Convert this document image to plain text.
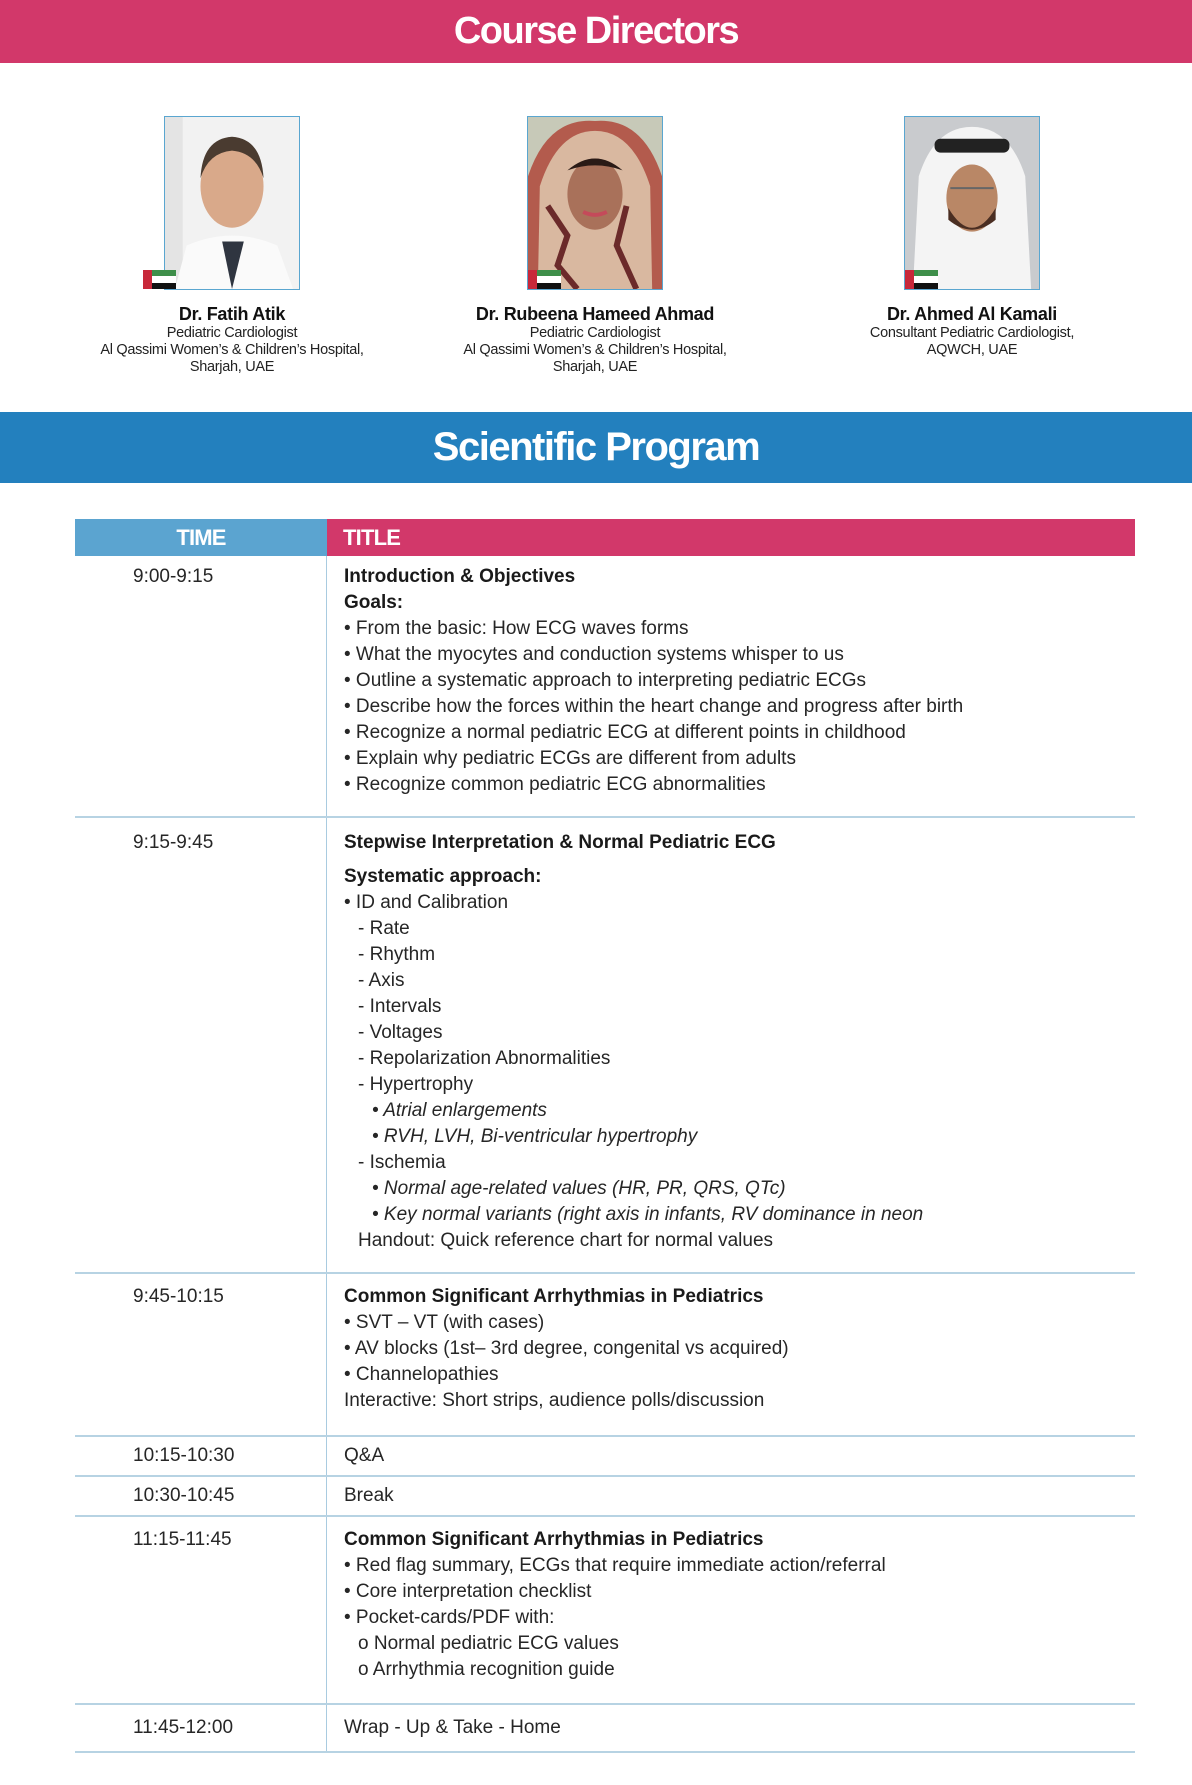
Course Directors
Dr. Fatih Atik
Pediatric Cardiologist
Al Qassimi Women’s & Children’s Hospital,
Sharjah, UAE
Dr. Rubeena Hameed Ahmad
Pediatric Cardiologist
Al Qassimi Women’s & Children’s Hospital,
Sharjah, UAE
Dr. Ahmed Al Kamali
Consultant Pediatric Cardiologist,
AQWCH, UAE
Scientific Program
TIME	TITLE
9:00-9:15	Introduction & Objectives
Goals:
• From the basic: How ECG waves forms
• What the myocytes and conduction systems whisper to us
• Outline a systematic approach to interpreting pediatric ECGs
• Describe how the forces within the heart change and progress after birth
• Recognize a normal pediatric ECG at different points in childhood
• Explain why pediatric ECGs are different from adults
• Recognize common pediatric ECG abnormalities
9:15-9:45	Stepwise Interpretation & Normal Pediatric ECG
Systematic approach:
• ID and Calibration
- Rate
- Rhythm
- Axis
- Intervals
- Voltages
- Repolarization Abnormalities
- Hypertrophy
• Atrial enlargements
• RVH, LVH, Bi-ventricular hypertrophy
- Ischemia
• Normal age-related values (HR, PR, QRS, QTc)
• Key normal variants (right axis in infants, RV dominance in neon
Handout: Quick reference chart for normal values
9:45-10:15	Common Significant Arrhythmias in Pediatrics
• SVT – VT (with cases)
• AV blocks (1st– 3rd degree, congenital vs acquired)
• Channelopathies
Interactive: Short strips, audience polls/discussion
10:15-10:30	Q&A
10:30-10:45	Break
11:15-11:45	Common Significant Arrhythmias in Pediatrics
• Red flag summary, ECGs that require immediate action/referral
• Core interpretation checklist
• Pocket-cards/PDF with:
o Normal pediatric ECG values
o Arrhythmia recognition guide
11:45-12:00	Wrap - Up & Take - Home
